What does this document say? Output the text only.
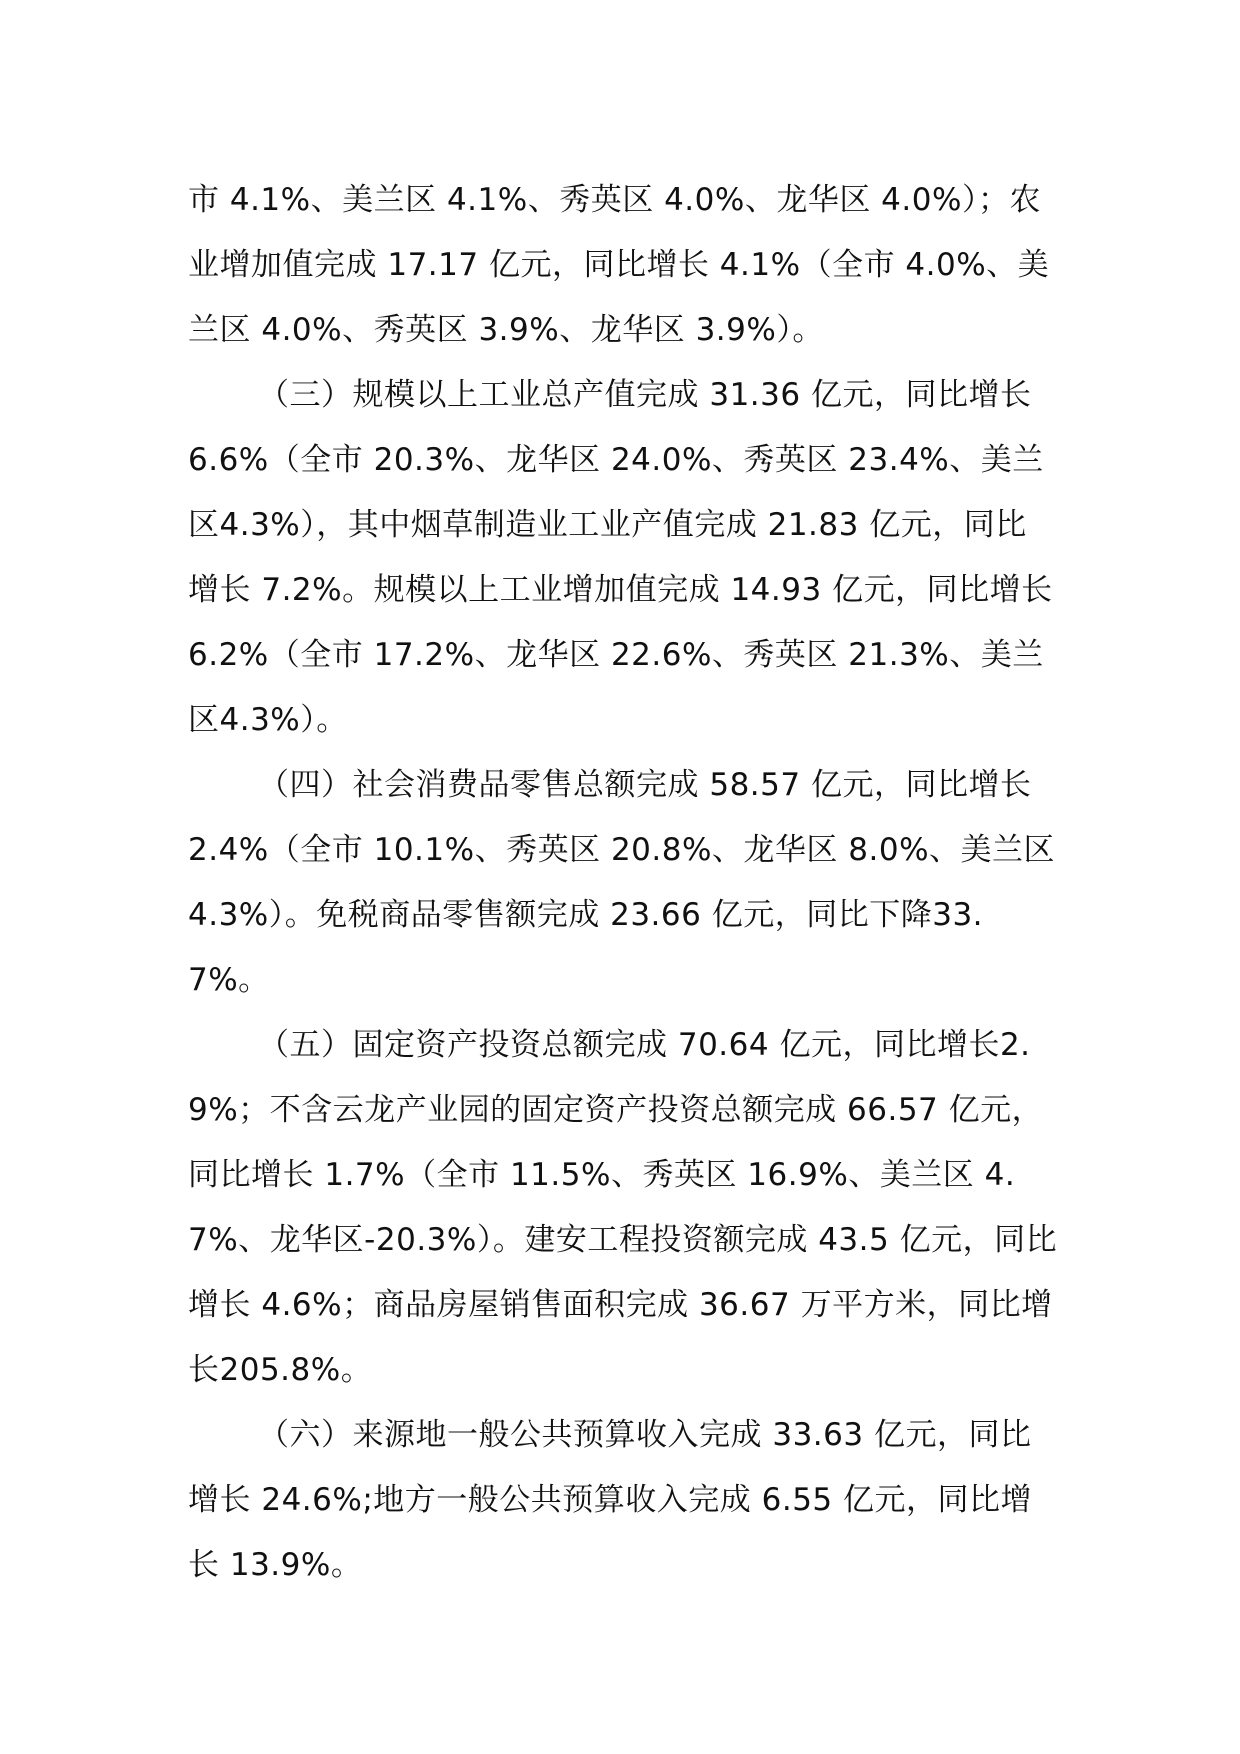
市 4.1%、美兰区 4.1%、秀英区 4.0%、龙华区 4.0%）；农业增加值完成 17.17 亿元，同比增长 4.1%（全市 4.0%、美兰区 4.0%、秀英区 3.9%、龙华区 3.9%）。

（三）规模以上工业总产值完成 31.36 亿元，同比增长6.6%（全市 20.3%、龙华区 24.0%、秀英区 23.4%、美兰区4.3%），其中烟草制造业工业产值完成 21.83 亿元，同比增长 7.2%。规模以上工业增加值完成 14.93 亿元，同比增长6.2%（全市 17.2%、龙华区 22.6%、秀英区 21.3%、美兰区4.3%）。

（四）社会消费品零售总额完成 58.57 亿元，同比增长2.4%（全市 10.1%、秀英区 20.8%、龙华区 8.0%、美兰区4.3%）。免税商品零售额完成 23.66 亿元，同比下降33.7%。

（五）固定资产投资总额完成 70.64 亿元，同比增长2.9%；不含云龙产业园的固定资产投资总额完成 66.57 亿元，同比增长 1.7%（全市 11.5%、秀英区 16.9%、美兰区 4.7%、龙华区-20.3%）。建安工程投资额完成 43.5 亿元，同比增长 4.6%；商品房屋销售面积完成 36.67 万平方米，同比增长205.8%。

（六）来源地一般公共预算收入完成 33.63 亿元，同比增长 24.6%;地方一般公共预算收入完成 6.55 亿元，同比增长 13.9%。
